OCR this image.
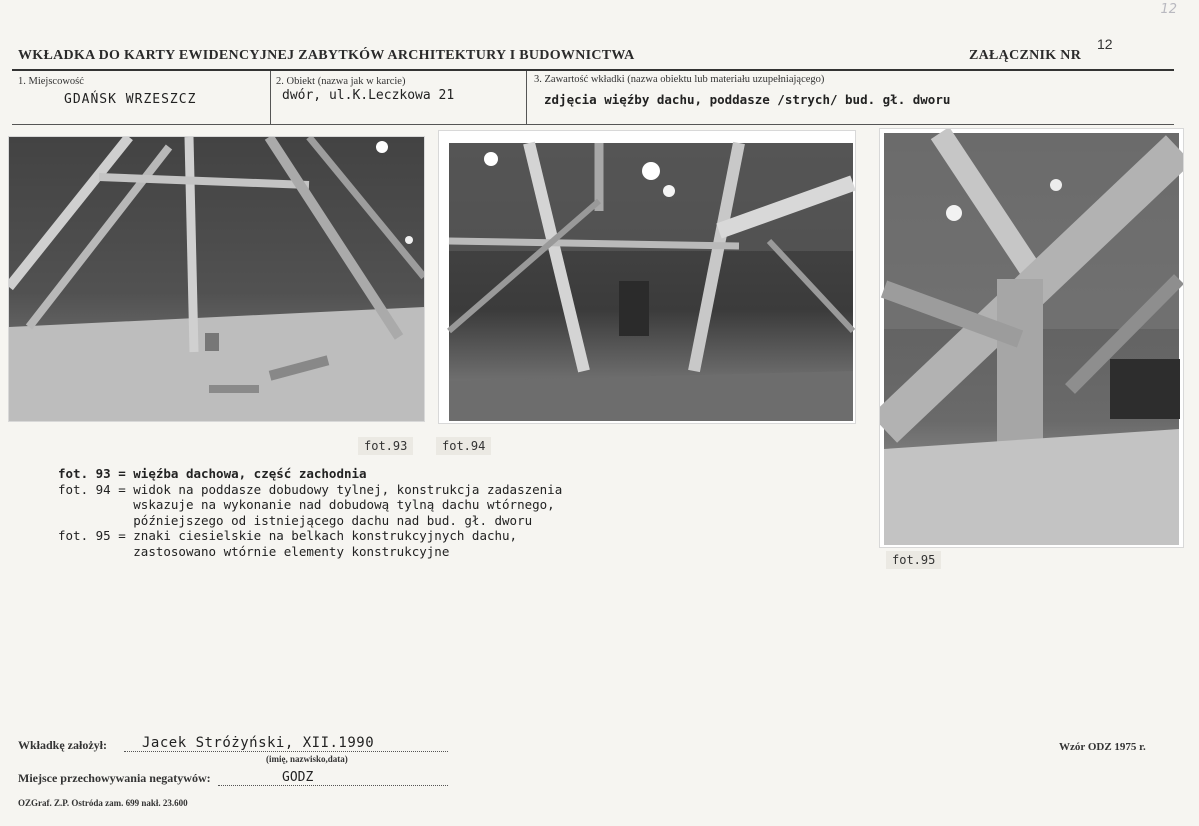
12
WKŁADKA DO KARTY EWIDENCYJNEJ ZABYTKÓW ARCHITEKTURY I BUDOWNICTWA	ZAŁĄCZNIK NR
12
1. Miejscowość
GDAŃSK WRZESZCZ
2. Obiekt (nazwa jak w karcie)
dwór, ul.K.Leczkowa 21
3. Zawartość wkładki (nazwa obiektu lub materiału uzupełniającego)
zdjęcia więźby dachu, poddasze /strych/ bud. gł. dworu
fot.93	fot.94
fot.95
fot. 93 = więźba dachowa, część zachodnia
fot. 94 = widok na poddasze dobudowy tylnej, konstrukcja zadaszenia
wskazuje na wykonanie nad dobudową tylną dachu wtórnego,
późniejszego od istniejącego dachu nad bud. gł. dworu
fot. 95 = znaki ciesielskie na belkach konstrukcyjnych dachu,
zastosowano wtórnie elementy konstrukcyjne
Wkładkę założył:	Jacek Stróżyński, XII.1990
(imię, nazwisko,data)
Miejsce przechowywania negatywów:	GODZ
Wzór ODZ 1975 r.
OZGraf. Z.P. Ostróda zam. 699 nakł. 23.600
